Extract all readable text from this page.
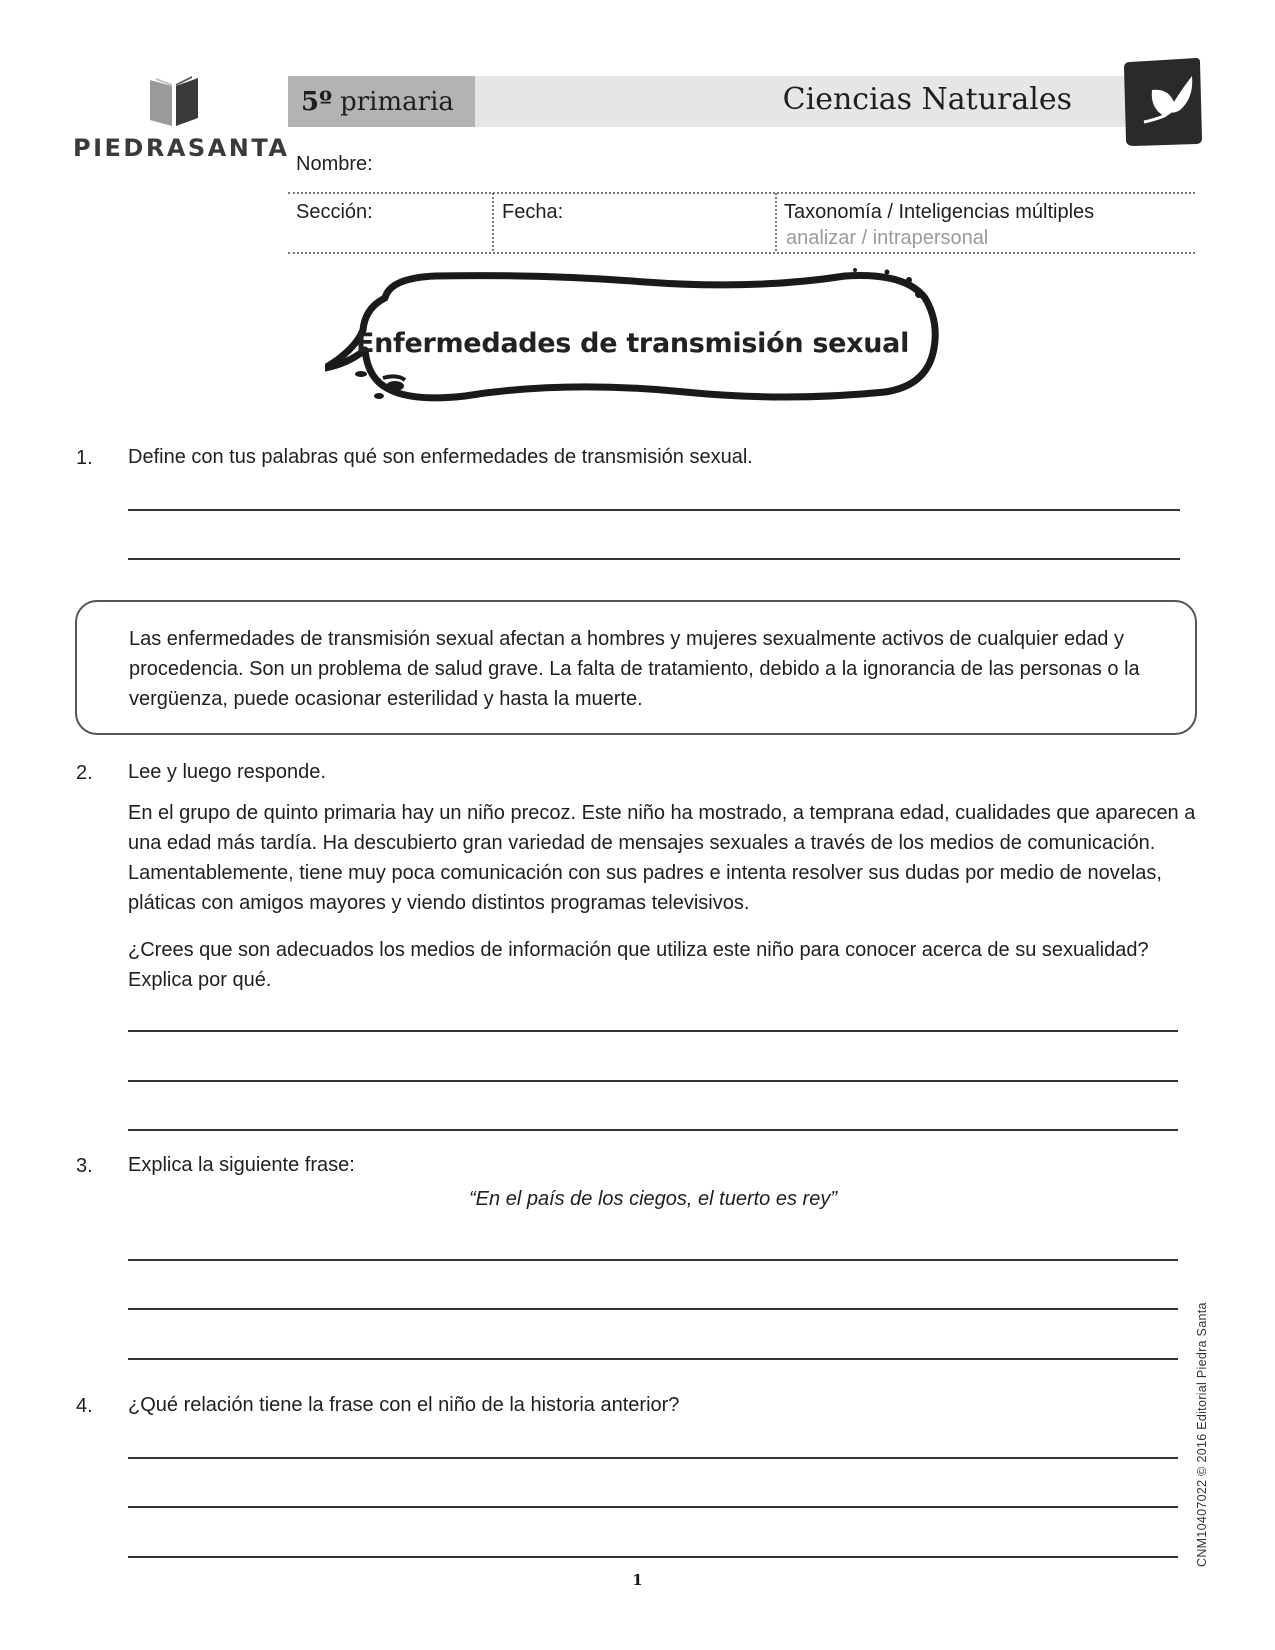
PIEDRASANTA
5º primaria	Ciencias Naturales
Nombre:
Sección:	Fecha:	Taxonomía / Inteligencias múltiples
analizar / intrapersonal
Enfermedades de transmisión sexual
1. Define con tus palabras qué son enfermedades de transmisión sexual.
Las enfermedades de transmisión sexual afectan a hombres y mujeres sexualmente activos de cualquier edad y procedencia. Son un problema de salud grave. La falta de tratamiento, debido a la ignorancia de las personas o la vergüenza, puede ocasionar esterilidad y hasta la muerte.
2. Lee y luego responde.
En el grupo de quinto primaria hay un niño precoz. Este niño ha mostrado, a temprana edad, cualidades que aparecen a una edad más tardía. Ha descubierto gran variedad de mensajes sexuales a través de los medios de comunicación. Lamentablemente, tiene muy poca comunicación con sus padres e intenta resolver sus dudas por medio de novelas, pláticas con amigos mayores y viendo distintos programas televisivos.
¿Crees que son adecuados los medios de información que utiliza este niño para conocer acerca de su sexualidad? Explica por qué.
3. Explica la siguiente frase:
“En el país de los ciegos, el tuerto es rey”
4. ¿Qué relación tiene la frase con el niño de la historia anterior?
1
CNM10407022 © 2016 Editorial Piedra Santa
